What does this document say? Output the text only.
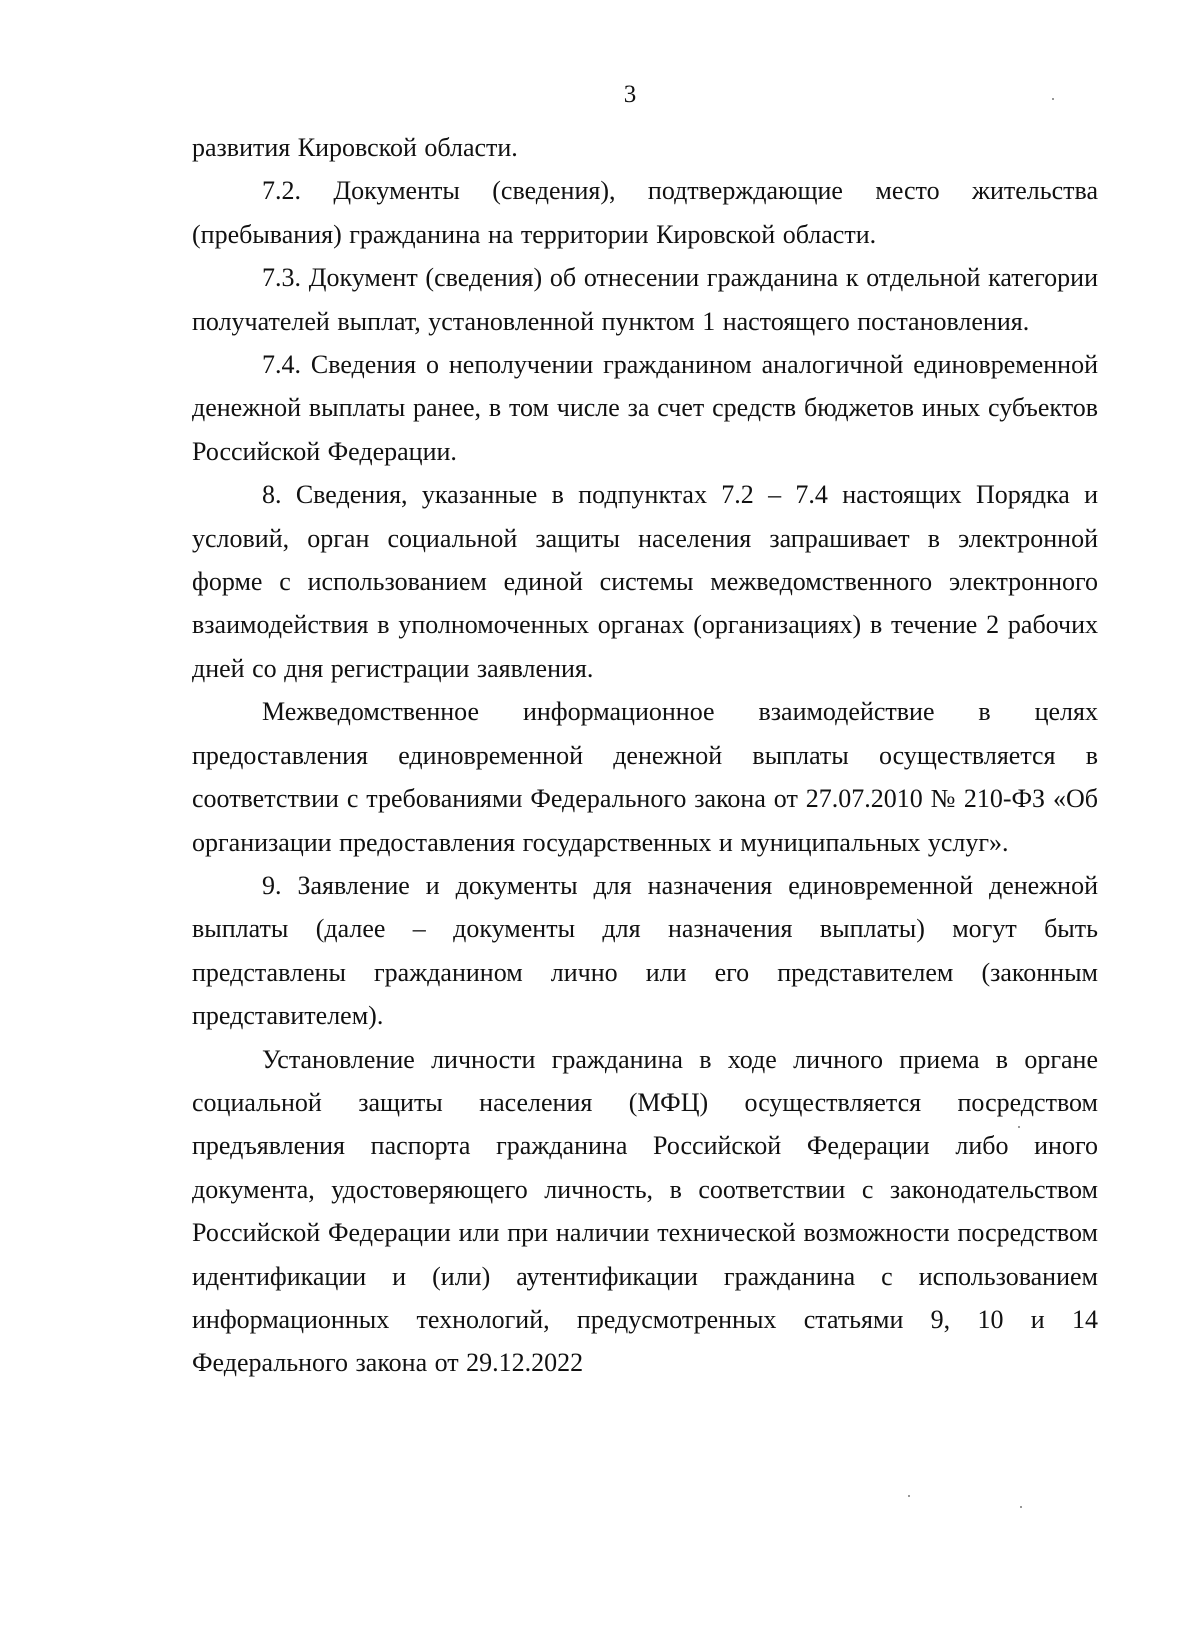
3

развития Кировской области.

7.2. Документы (сведения), подтверждающие место жительства (пребывания) гражданина на территории Кировской области.

7.3. Документ (сведения) об отнесении гражданина к отдельной категории получателей выплат, установленной пунктом 1 настоящего постановления.

7.4. Сведения о неполучении гражданином аналогичной единовременной денежной выплаты ранее, в том числе за счет средств бюджетов иных субъектов Российской Федерации.

8. Сведения, указанные в подпунктах 7.2 – 7.4 настоящих Порядка и условий, орган социальной защиты населения запрашивает в электронной форме с использованием единой системы межведомственного электронного взаимодействия в уполномоченных органах (организациях) в течение 2 рабочих дней со дня регистрации заявления.

Межведомственное информационное взаимодействие в целях предоставления единовременной денежной выплаты осуществляется в соответствии с требованиями Федерального закона от 27.07.2010 № 210-ФЗ «Об организации предоставления государственных и муниципальных услуг».

9. Заявление и документы для назначения единовременной денежной выплаты (далее – документы для назначения выплаты) могут быть представлены гражданином лично или его представителем (законным представителем).

Установление личности гражданина в ходе личного приема в органе социальной защиты населения (МФЦ) осуществляется посредством предъявления паспорта гражданина Российской Федерации либо иного документа, удостоверяющего личность, в соответствии с законодательством Российской Федерации или при наличии технической возможности посредством идентификации и (или) аутентификации гражданина с использованием информационных технологий, предусмотренных статьями 9, 10 и 14 Федерального закона от 29.12.2022
